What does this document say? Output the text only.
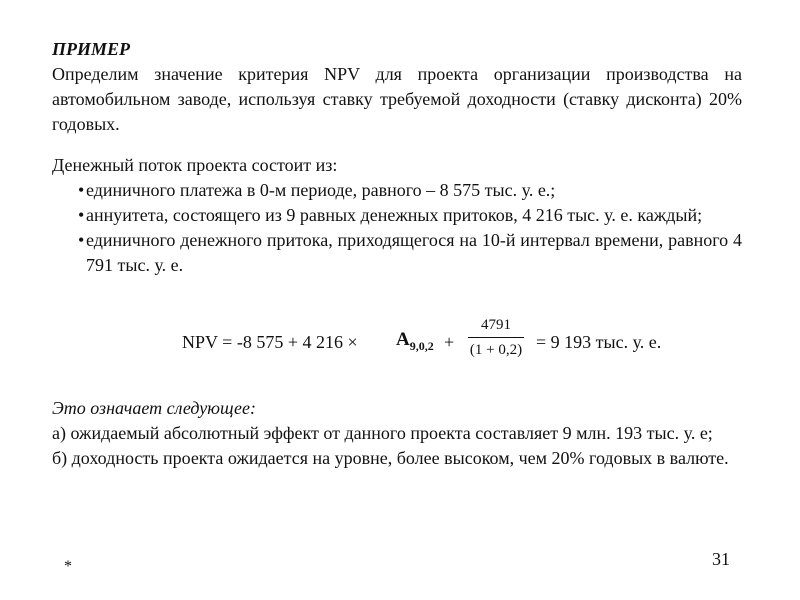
ПРИМЕР
Определим значение критерия NPV для проекта организации производства на автомобильном заводе, используя ставку требуемой доходности (ставку дисконта) 20% годовых.
Денежный поток проекта состоит из:
• единичного платежа в 0-м периоде, равного – 8 575 тыс. у. е.;
• аннуитета, состоящего из 9 равных денежных притоков, 4 216 тыс. у. е. каждый;
• единичного денежного притока, приходящегося на 10-й интервал времени, равного 4 791 тыс. у. е.
NPV = -8 575 + 4 $216 \times A_{9,0,2}$ +
4791
(1 + 0,2) = 9 193 тыс. у. е.
Это означает следующее:
а) ожидаемый абсолютный эффект от данного проекта составляет 9 млн. 193 тыс. у. е;
б) доходность проекта ожидается на уровне, более высоком, чем 20% годовых в валюте.
*	31
